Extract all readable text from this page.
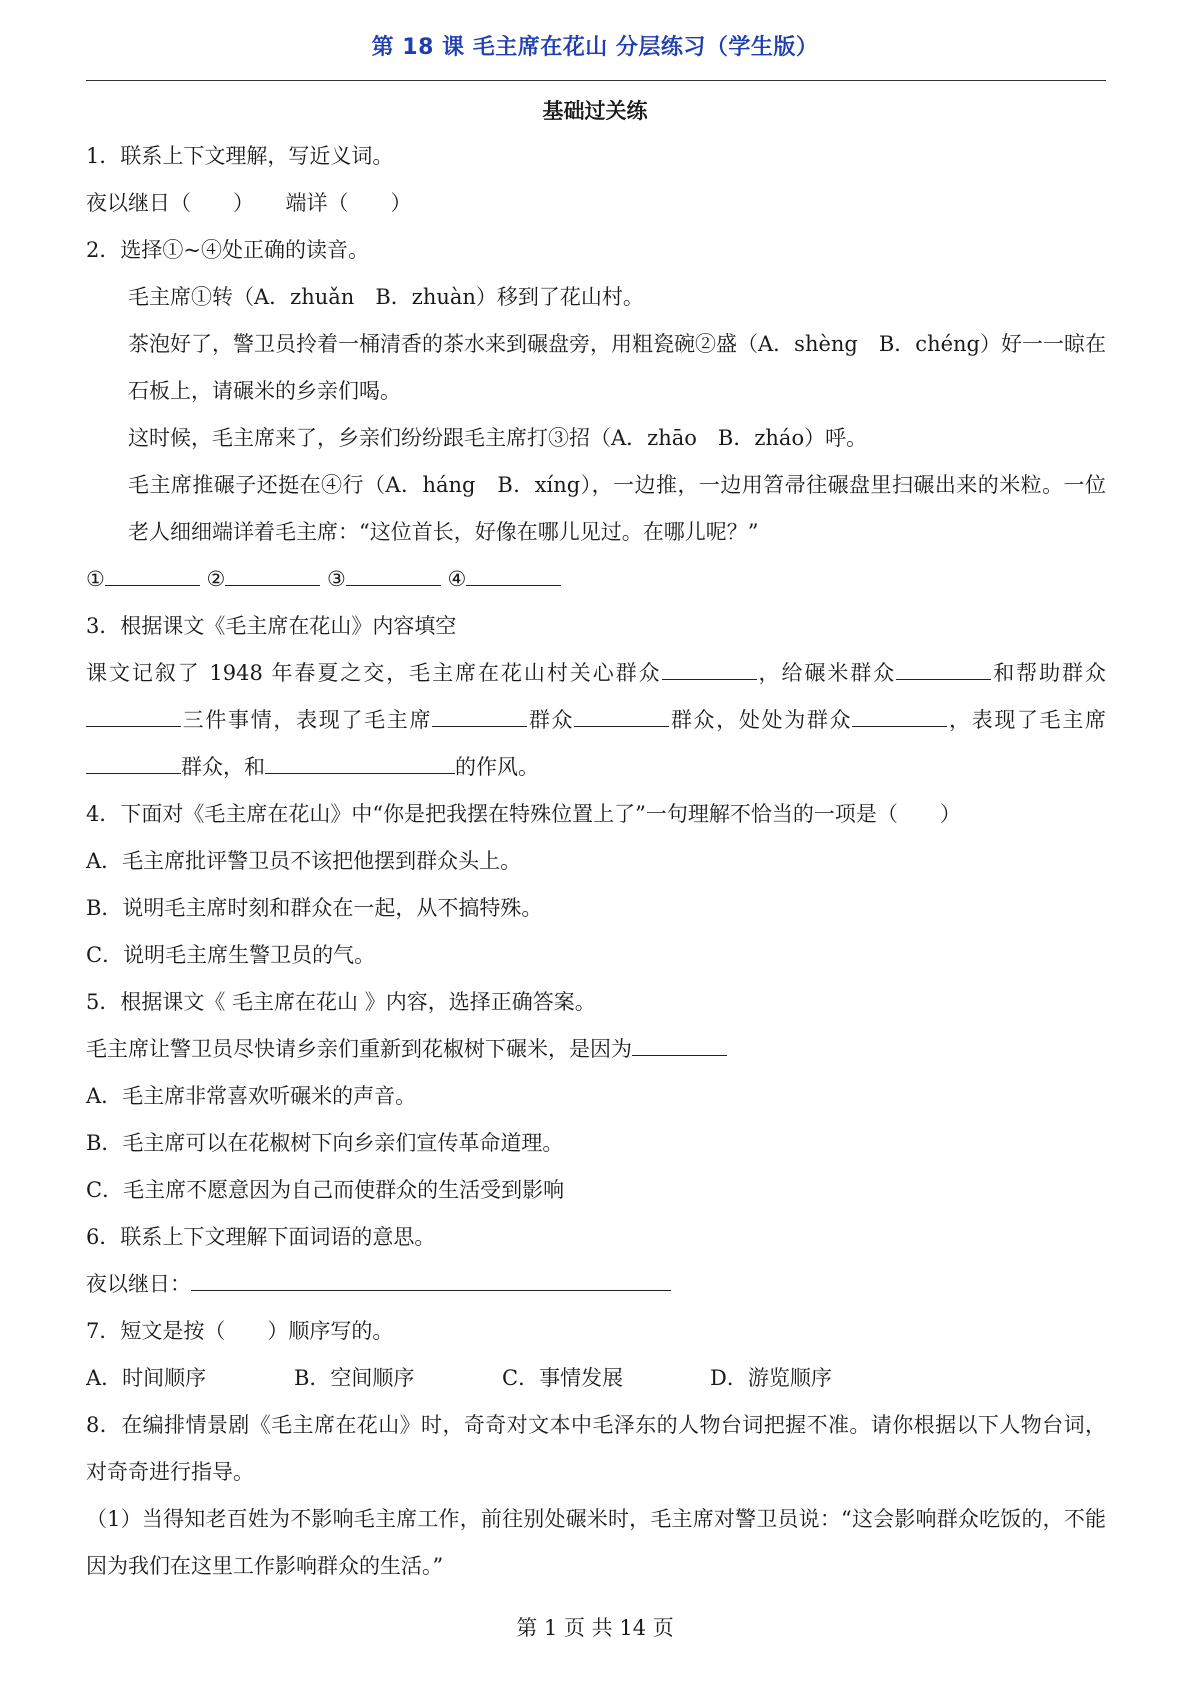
第 18 课 毛主席在花山 分层练习（学生版）
基础过关练
1．联系上下文理解，写近义词。
夜以继日（　　）　　端详（　　）
2．选择①~④处正确的读音。
毛主席①转（A．zhuǎn　B．zhuàn）移到了花山村。
茶泡好了，警卫员拎着一桶清香的茶水来到碾盘旁，用粗瓷碗②盛（A．shèng　B．chéng）好一一晾在石板上，请碾米的乡亲们喝。
这时候，毛主席来了，乡亲们纷纷跟毛主席打③招（A．zhāo　B．zháo）呼。
毛主席推碾子还挺在④行（A．háng　B．xíng），一边推，一边用笤帚往碾盘里扫碾出来的米粒。一位老人细细端详着毛主席：“这位首长，好像在哪儿见过。在哪儿呢？”
①	②	③	④
3．根据课文《毛主席在花山》内容填空
课文记叙了 1948 年春夏之交，毛主席在花山村关心群众	，给碾米群众	和帮助群众三件事情，表现了毛主席	群众	群众，处处为群众	，表现了毛主席群众，和	的作风。
4．下面对《毛主席在花山》中“你是把我摆在特殊位置上了”一句理解不恰当的一项是（　　）
A．毛主席批评警卫员不该把他摆到群众头上。
B．说明毛主席时刻和群众在一起，从不搞特殊。
C．说明毛主席生警卫员的气。
5．根据课文《 毛主席在花山 》内容，选择正确答案。
毛主席让警卫员尽快请乡亲们重新到花椒树下碾米，是因为
A．毛主席非常喜欢听碾米的声音。
B．毛主席可以在花椒树下向乡亲们宣传革命道理。
C．毛主席不愿意因为自己而使群众的生活受到影响
6．联系上下文理解下面词语的意思。
夜以继日：
7．短文是按（　　）顺序写的。
A．时间顺序	B．空间顺序	C．事情发展	D．游览顺序
8．在编排情景剧《毛主席在花山》时，奇奇对文本中毛泽东的人物台词把握不准。请你根据以下人物台词，对奇奇进行指导。
（1）当得知老百姓为不影响毛主席工作，前往别处碾米时，毛主席对警卫员说：“这会影响群众吃饭的，不能因为我们在这里工作影响群众的生活。”
第 1 页 共 14 页
